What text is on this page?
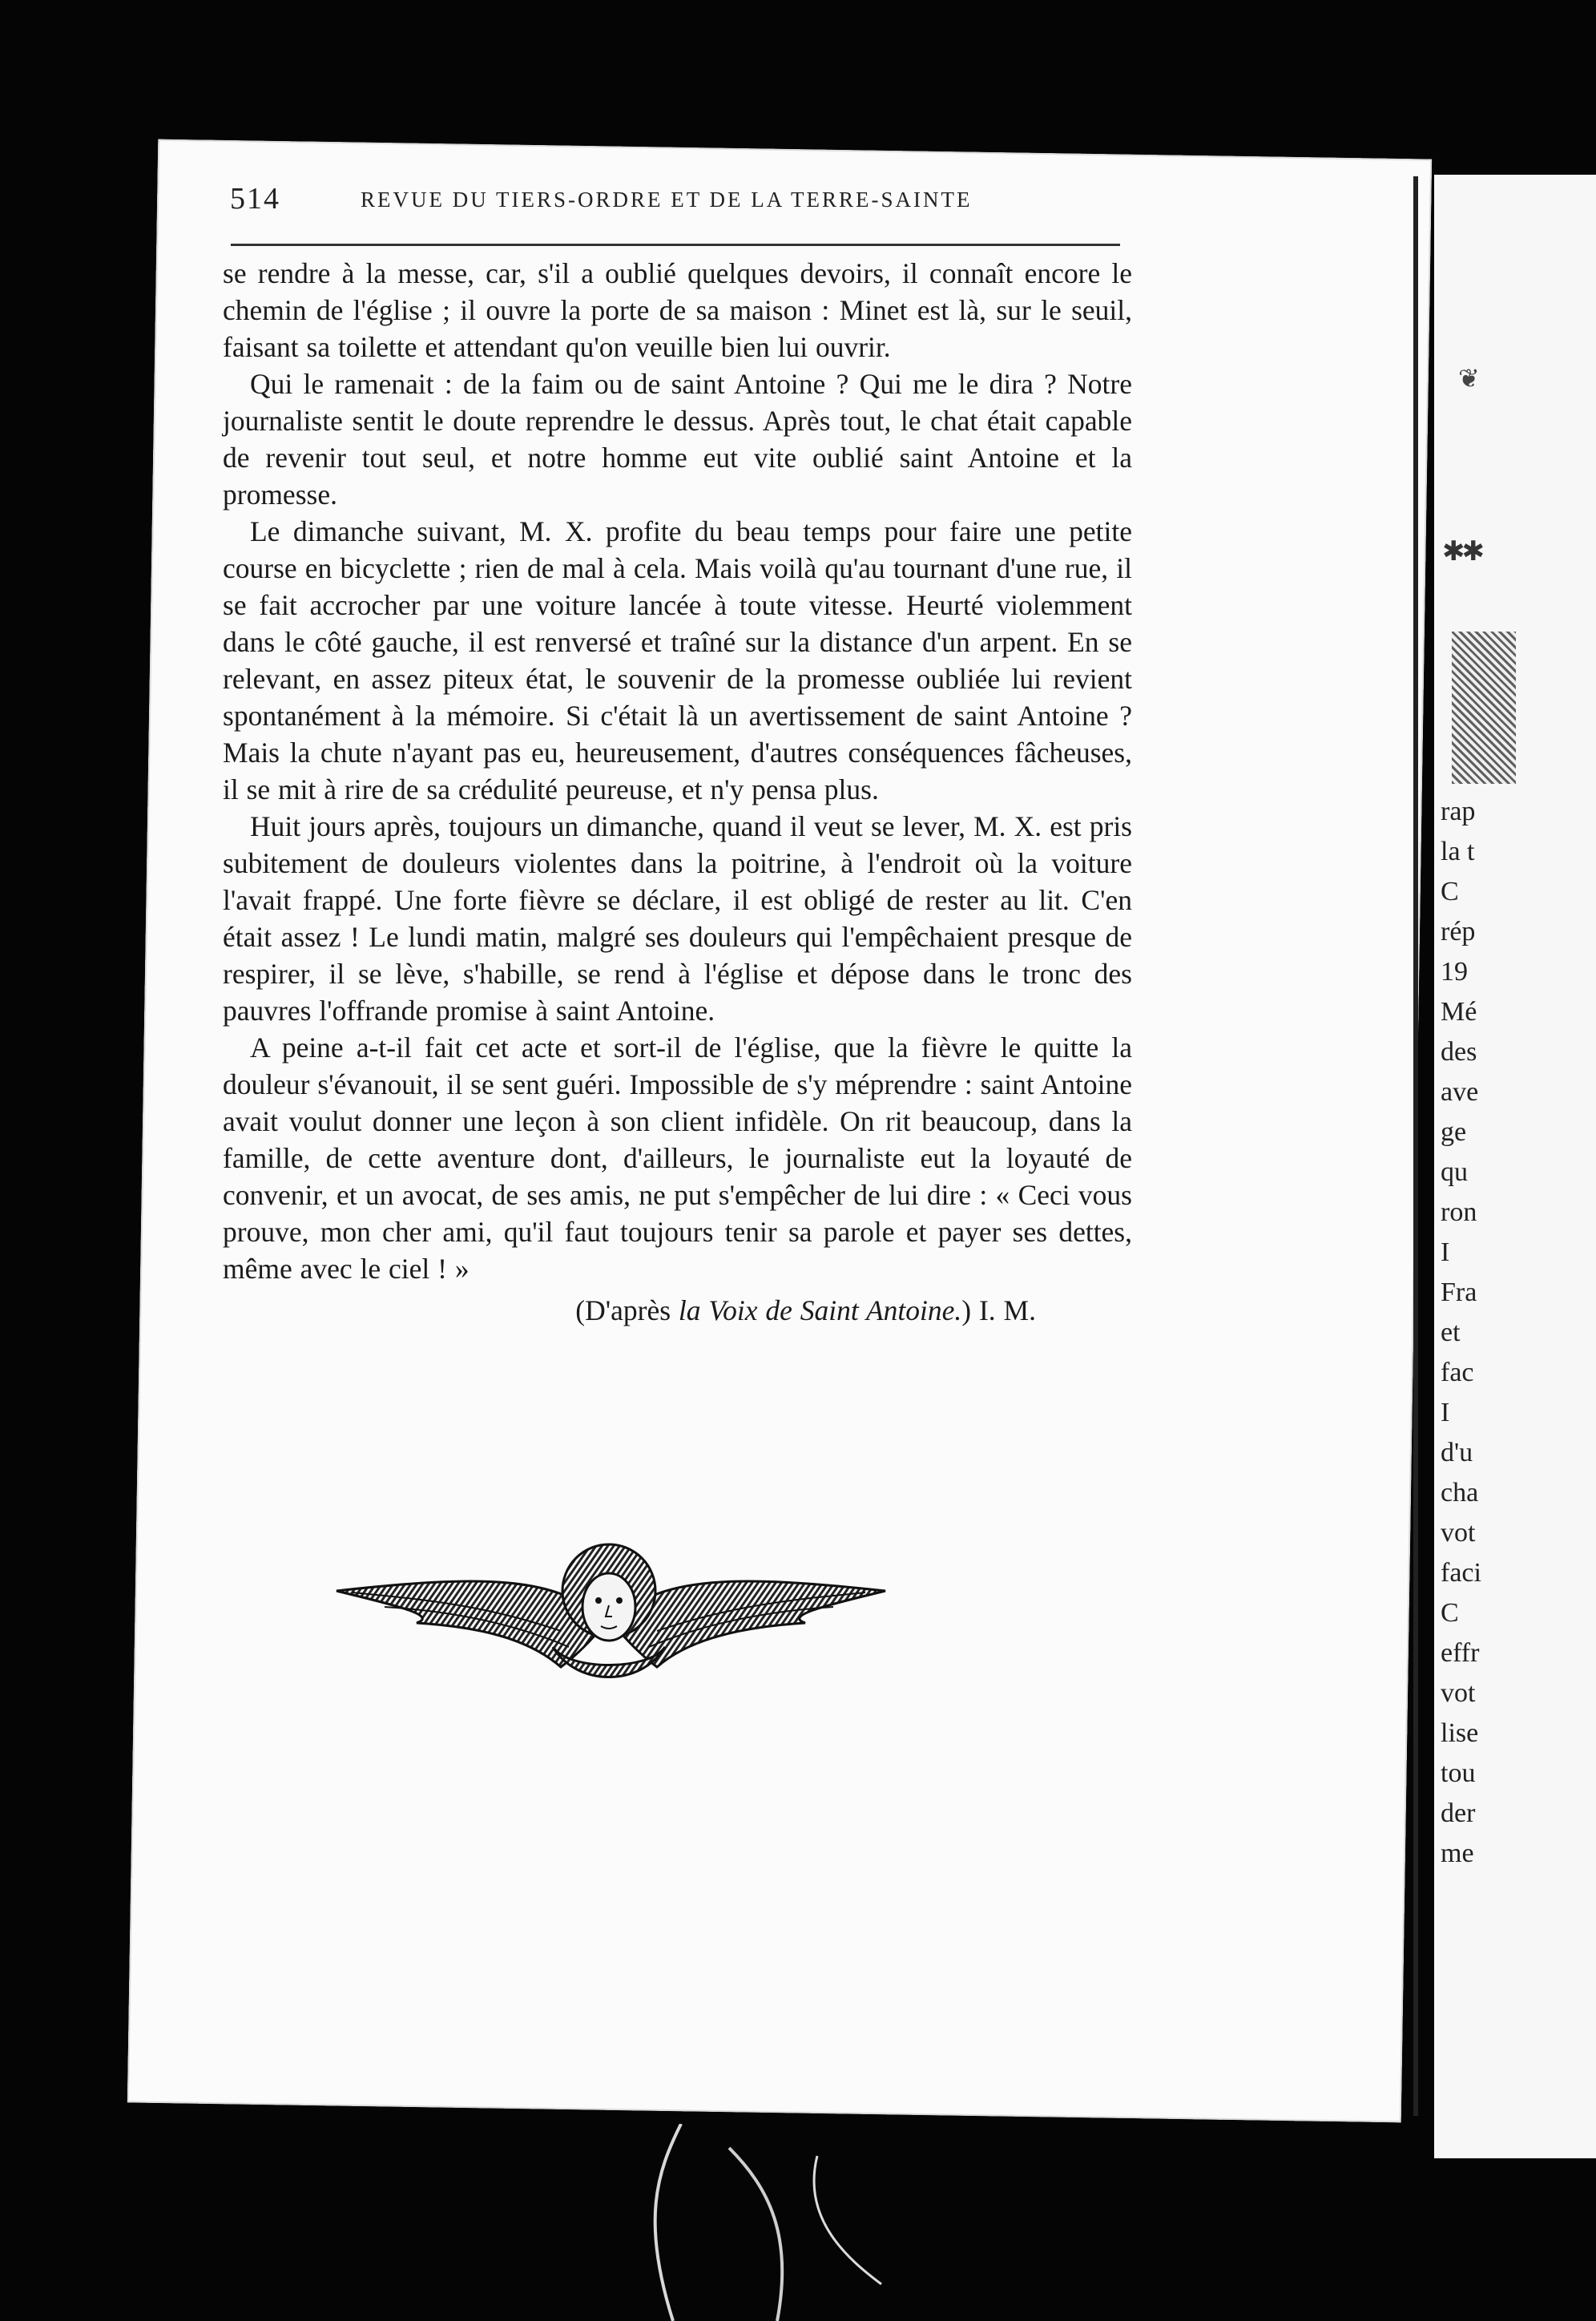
514	REVUE DU TIERS-ORDRE ET DE LA TERRE-SAINTE

se rendre à la messe, car, s'il a oublié quelques devoirs, il connaît encore le chemin de l'église ; il ouvre la porte de sa maison : Minet est là, sur le seuil, faisant sa toilette et attendant qu'on veuille bien lui ouvrir.

Qui le ramenait : de la faim ou de saint Antoine ? Qui me le dira ? Notre journaliste sentit le doute reprendre le dessus. Après tout, le chat était capable de revenir tout seul, et notre homme eut vite oublié saint Antoine et la promesse.

Le dimanche suivant, M. X. profite du beau temps pour faire une petite course en bicyclette ; rien de mal à cela. Mais voilà qu'au tournant d'une rue, il se fait accrocher par une voiture lancée à toute vitesse. Heurté violemment dans le côté gauche, il est renversé et traîné sur la distance d'un arpent. En se relevant, en assez piteux état, le souvenir de la promesse oubliée lui revient spontanément à la mémoire. Si c'était là un avertissement de saint Antoine ? Mais la chute n'ayant pas eu, heureusement, d'autres conséquences fâcheuses, il se mit à rire de sa crédulité peureuse, et n'y pensa plus.

Huit jours après, toujours un dimanche, quand il veut se lever, M. X. est pris subitement de douleurs violentes dans la poitrine, à l'endroit où la voiture l'avait frappé. Une forte fièvre se déclare, il est obligé de rester au lit. C'en était assez ! Le lundi matin, malgré ses douleurs qui l'empêchaient presque de respirer, il se lève, s'habille, se rend à l'église et dépose dans le tronc des pauvres l'offrande promise à saint Antoine.

A peine a-t-il fait cet acte et sort-il de l'église, que la fièvre le quitte la douleur s'évanouit, il se sent guéri. Impossible de s'y méprendre : saint Antoine avait voulut donner une leçon à son client infidèle. On rit beaucoup, dans la famille, de cette aventure dont, d'ailleurs, le journaliste eut la loyauté de convenir, et un avocat, de ses amis, ne put s'empêcher de lui dire : « Ceci vous prouve, mon cher ami, qu'il faut toujours tenir sa parole et payer ses dettes, même avec le ciel ! »

(D'après la Voix de Saint Antoine.) I. M.
❦
✱✱
rap
la t
C
rép
19
Mé
des
ave
ge
qu
ron
I
Fra
et
fac
I
d'u
cha
vot
faci
C
effr
vot
lise
tou
der
me
